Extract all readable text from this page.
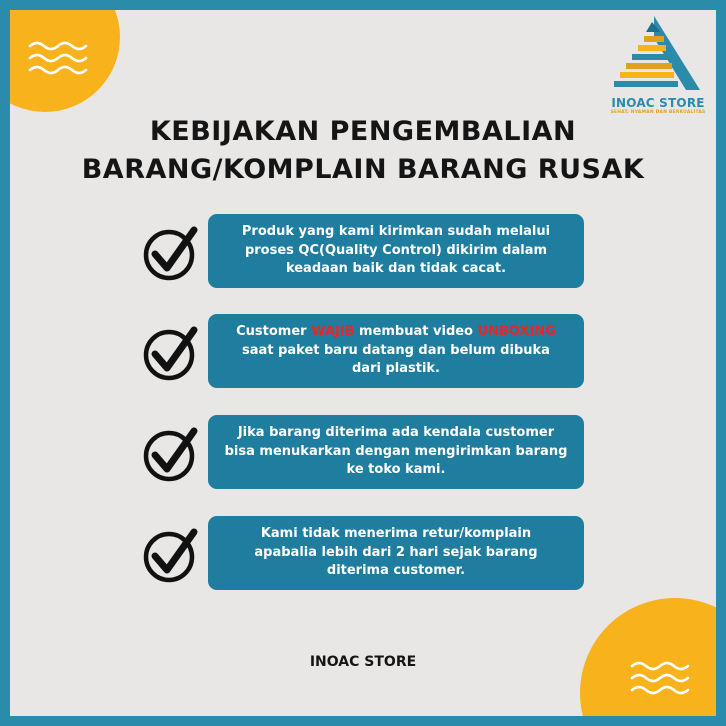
INOAC STORE
SEHAT, NYAMAN DAN BERKUALITAS
KEBIJAKAN PENGEMBALIAN
BARANG/KOMPLAIN BARANG RUSAK
Produk yang kami kirimkan sudah melalui
proses QC(Quality Control) dikirim dalam
keadaan baik dan tidak cacat.
Customer WAJIB membuat video UNBOXING
saat paket baru datang dan belum dibuka
dari plastik.
Jika barang diterima ada kendala customer
bisa menukarkan dengan mengirimkan barang
ke toko kami.
Kami tidak menerima retur/komplain
apabalia lebih dari 2 hari sejak barang
diterima customer.
INOAC STORE
